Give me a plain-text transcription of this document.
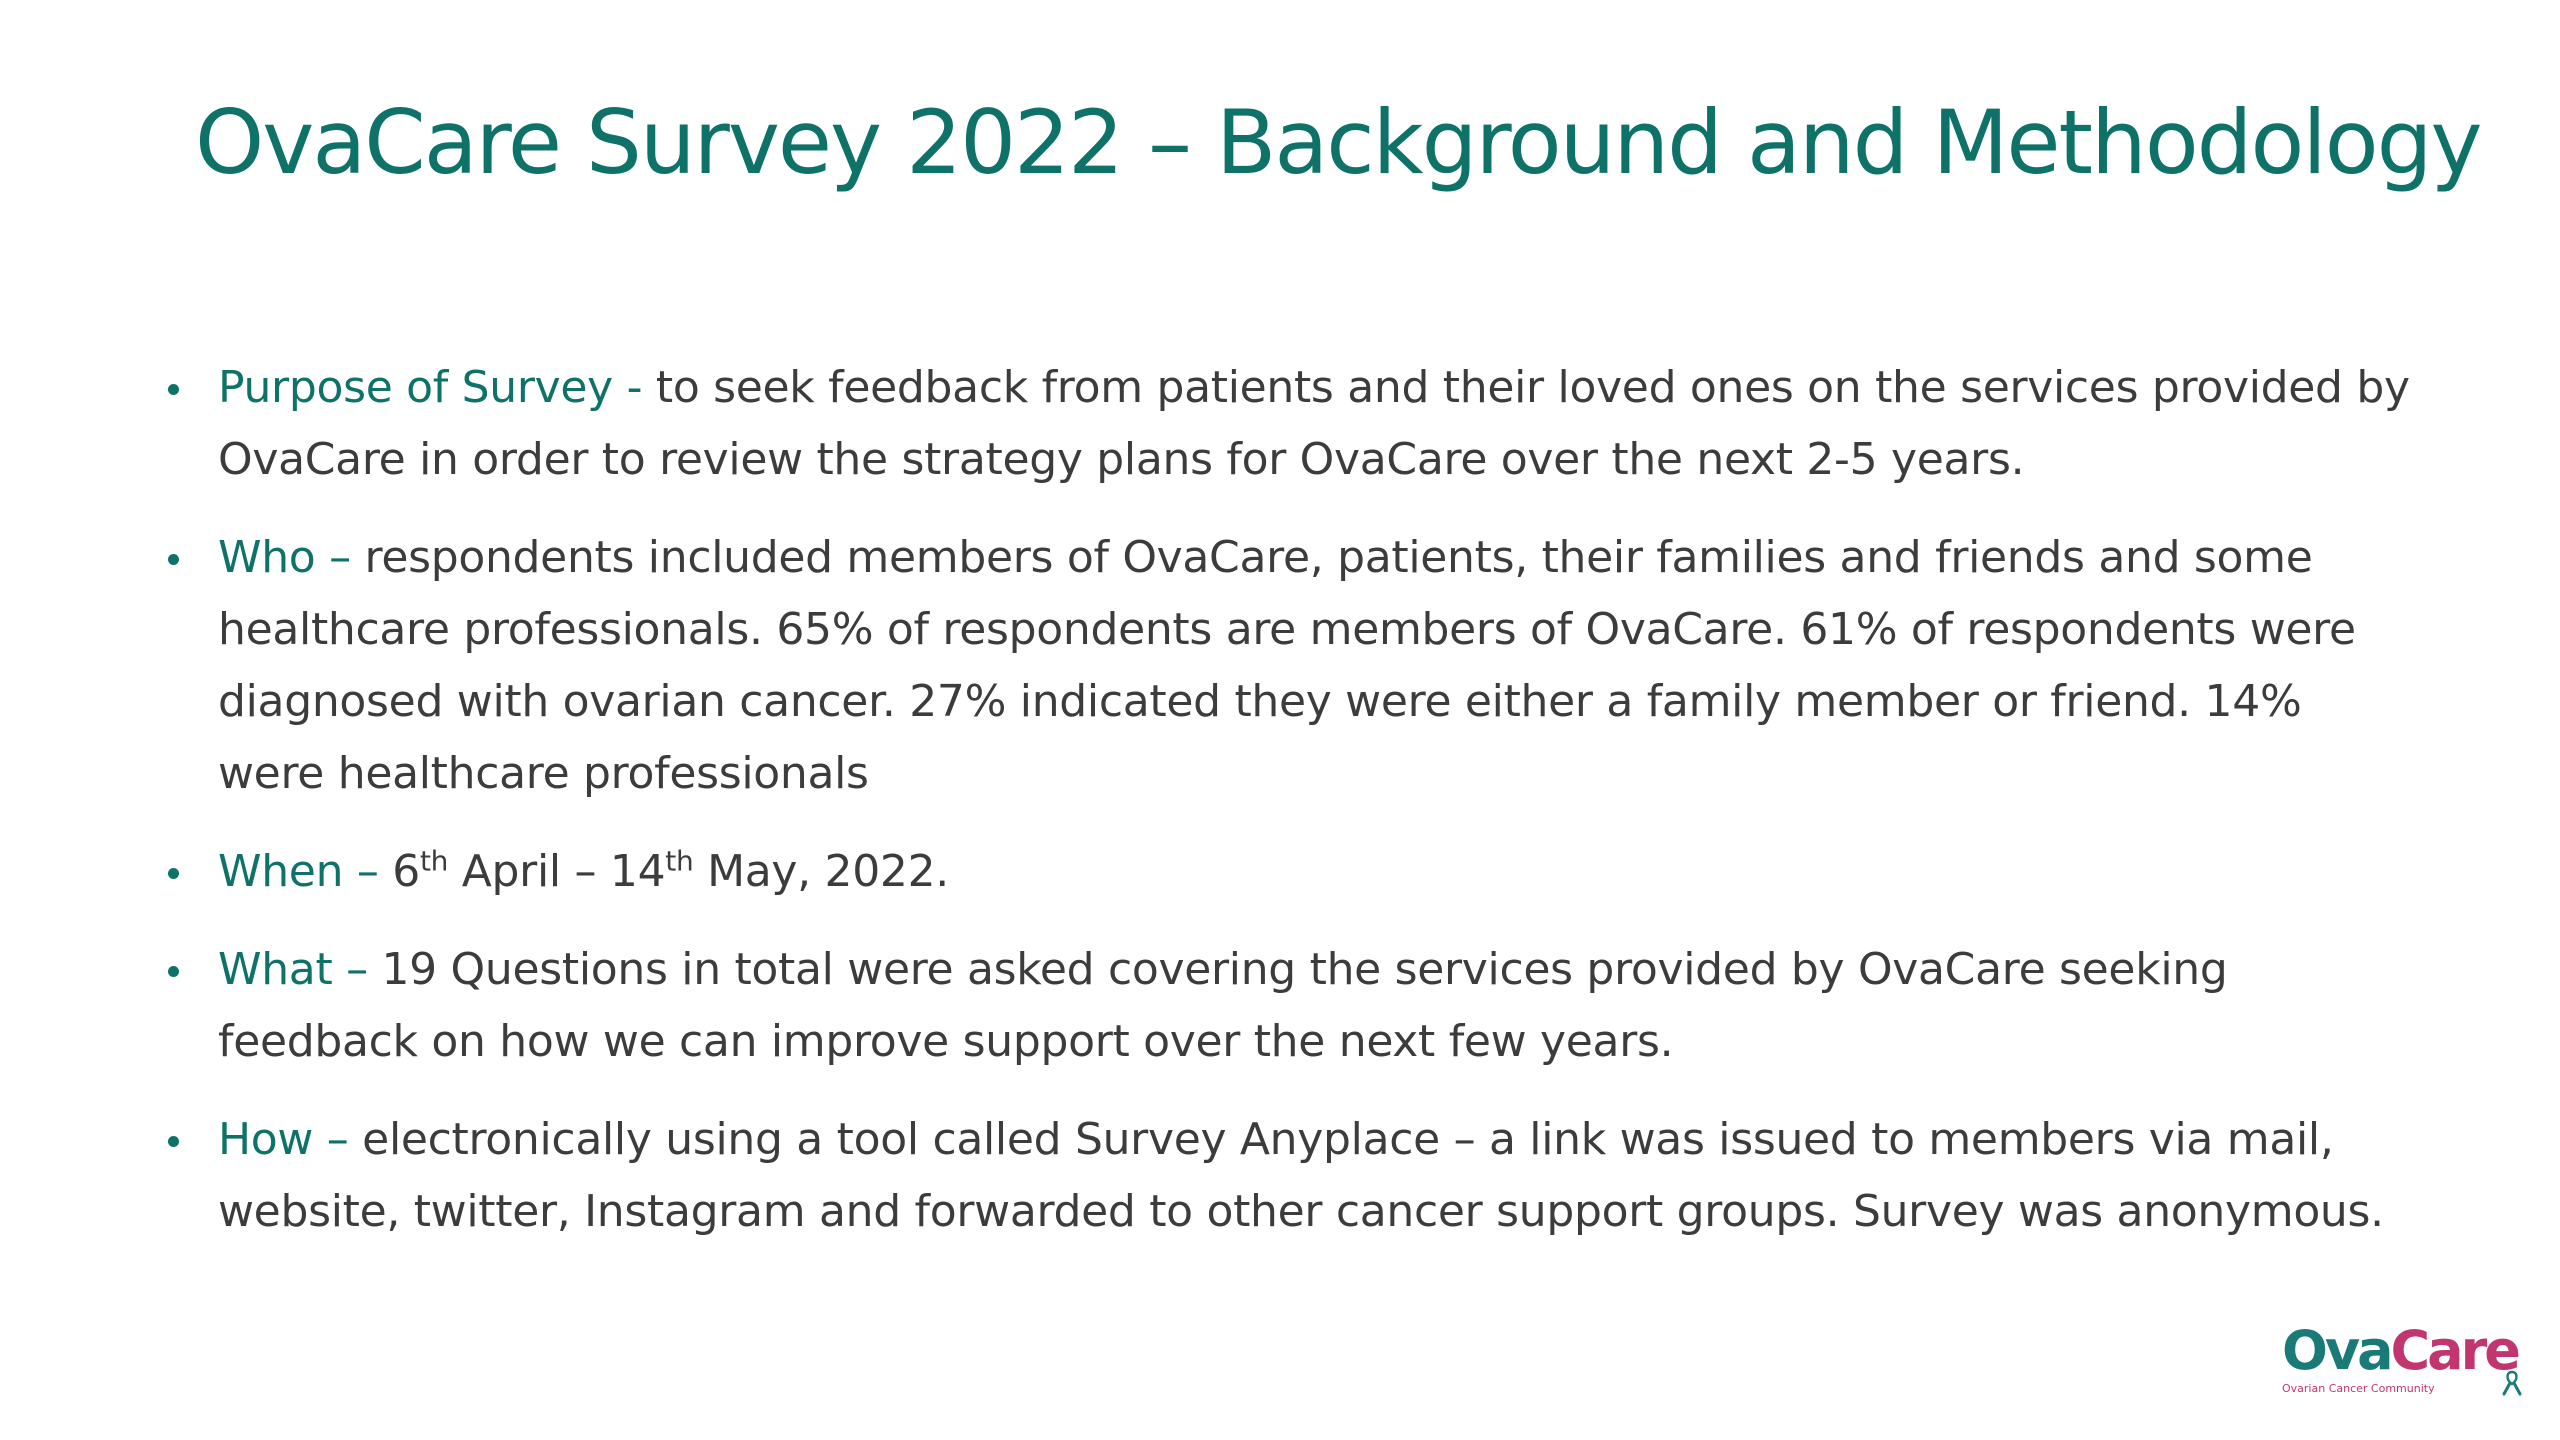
OvaCare Survey 2022 – Background and Methodology
Purpose of Survey - to seek feedback from patients and their loved ones on the services provided by OvaCare in order to review the strategy plans for OvaCare over the next 2-5 years.
Who – respondents included members of OvaCare, patients, their families and friends and some healthcare professionals. 65% of respondents are members of OvaCare. 61% of respondents were diagnosed with ovarian cancer. 27% indicated they were either a family member or friend. 14% were healthcare professionals
When – 6th April – 14th May, 2022.
What – 19 Questions in total were asked covering the services provided by OvaCare seeking feedback on how we can improve support over the next few years.
How – electronically using a tool called Survey Anyplace – a link was issued to members via mail, website, twitter, Instagram and forwarded to other cancer support groups. Survey was anonymous.
OvaCare
Ovarian Cancer Community
